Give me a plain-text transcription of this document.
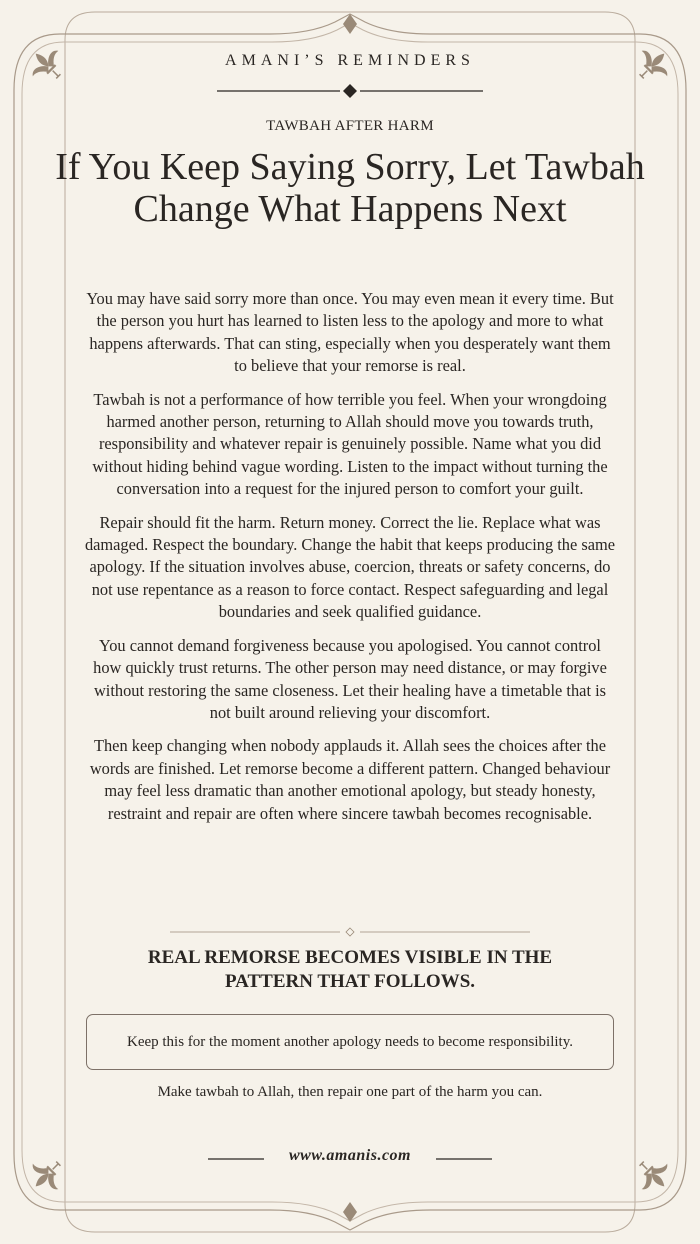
AMANI’S REMINDERS
TAWBAH AFTER HARM
If You Keep Saying Sorry, Let Tawbah Change What Happens Next

You may have said sorry more than once. You may even mean it every time. But the person you hurt has learned to listen less to the apology and more to what happens afterwards. That can sting, especially when you desperately want them to believe that your remorse is real.

Tawbah is not a performance of how terrible you feel. When your wrongdoing harmed another person, returning to Allah should move you towards truth, responsibility and whatever repair is genuinely possible. Name what you did without hiding behind vague wording. Listen to the impact without turning the conversation into a request for the injured person to comfort your guilt.

Repair should fit the harm. Return money. Correct the lie. Replace what was damaged. Respect the boundary. Change the habit that keeps producing the same apology. If the situation involves abuse, coercion, threats or safety concerns, do not use repentance as a reason to force contact. Respect safeguarding and legal boundaries and seek qualified guidance.

You cannot demand forgiveness because you apologised. You cannot control how quickly trust returns. The other person may need distance, or may forgive without restoring the same closeness. Let their healing have a timetable that is not built around relieving your discomfort.

Then keep changing when nobody applauds it. Allah sees the choices after the words are finished. Let remorse become a different pattern. Changed behaviour may feel less dramatic than another emotional apology, but steady honesty, restraint and repair are often where sincere tawbah becomes recognisable.

REAL REMORSE BECOMES VISIBLE IN THE PATTERN THAT FOLLOWS.
Keep this for the moment another apology needs to become responsibility.
Make tawbah to Allah, then repair one part of the harm you can.
www.amanis.com
